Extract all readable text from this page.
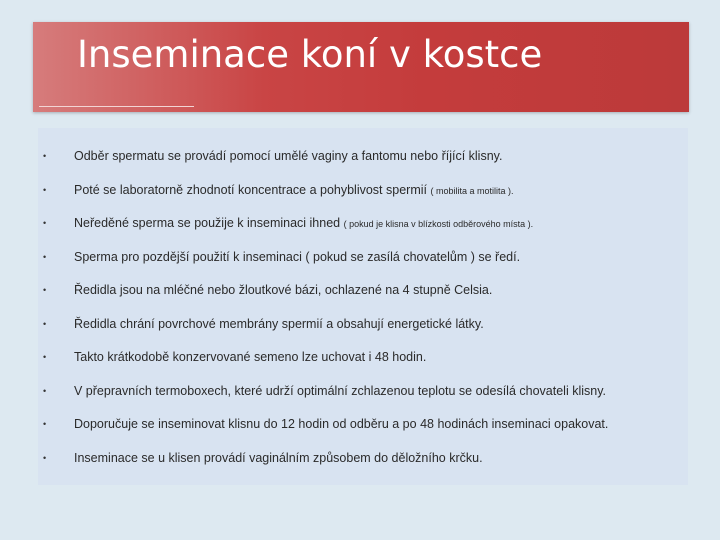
Inseminace koní v kostce
• Odběr spermatu se provádí pomocí umělé vaginy a fantomu nebo říjící klisny.
• Poté se laboratorně zhodnotí koncentrace a pohyblivost spermií ( mobilita a motilita ).
• Neředěné sperma se použije k inseminaci ihned ( pokud je klisna v blízkosti odběrového místa ).
• Sperma pro pozdější použití k inseminaci ( pokud se zasílá chovatelům ) se ředí.
• Ředidla jsou na mléčné nebo žloutkové bázi, ochlazené na 4 stupně Celsia.
• Ředidla chrání povrchové membrány spermií a obsahují energetické látky.
• Takto krátkodobě konzervované semeno lze uchovat i 48 hodin.
• V přepravních termoboxech, které udrží optimální zchlazenou teplotu se odesílá chovateli klisny.
• Doporučuje se inseminovat klisnu do 12 hodin od odběru a po 48 hodinách inseminaci opakovat.
• Inseminace se u klisen provádí vaginálním způsobem do děložního krčku.
